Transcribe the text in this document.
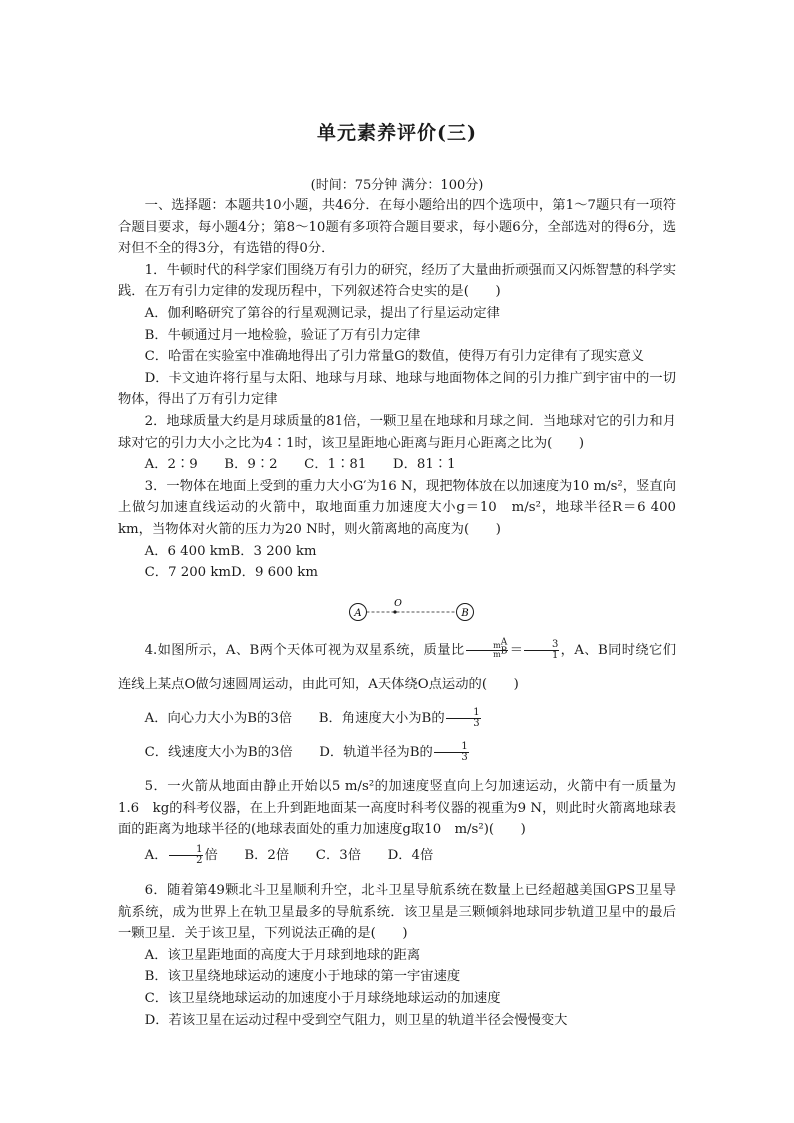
单元素养评价(三)
(时间：75分钟 满分：100分)

一、选择题：本题共10小题，共46分．在每小题给出的四个选项中，第1～7题只有一项符合题目要求，每小题4分；第8～10题有多项符合题目要求，每小题6分，全部选对的得6分，选对但不全的得3分，有选错的得0分．

1．牛顿时代的科学家们围绕万有引力的研究，经历了大量曲折顽强而又闪烁智慧的科学实践．在万有引力定律的发现历程中，下列叙述符合史实的是(　　)

A．伽利略研究了第谷的行星观测记录，提出了行星运动定律

B．牛顿通过月一地检验，验证了万有引力定律

C．哈雷在实验室中准确地得出了引力常量G的数值，使得万有引力定律有了现实意义

D．卡文迪许将行星与太阳、地球与月球、地球与地面物体之间的引力推广到宇宙中的一切物体，得出了万有引力定律

2．地球质量大约是月球质量的81倍，一颗卫星在地球和月球之间．当地球对它的引力和月球对它的引力大小之比为4∶1时，该卫星距地心距离与距月心距离之比为(　　)

A．2∶9　　B．9∶2　　C．1∶81　　D．81∶1

3．一物体在地面上受到的重力大小G′为16 N，现把物体放在以加速度为10 m/s²，竖直向上做匀加速直线运动的火箭中，取地面重力加速度大小g＝10　m/s²，地球半径R＝6 400 km，当物体对火箭的压力为20 N时，则火箭离地的高度为(　　)

A．6 400 kmB．3 200 km

C．7 200 kmD．9 600 km

A
O
B

4.如图所示，A、B两个天体可视为双星系统，质量比 $\frac{m^A}{m^B} = \frac{3}{1}$ ，A、B同时绕它们连线上某点O做匀速圆周运动，由此可知，A天体绕O点运动的(　　)

A．向心力大小为B的3倍　　 B．角速度大小为B的 $\frac{1}{3}$

C．线速度大小为B的3倍　　 D．轨道半径为B的 $\frac{1}{3}$

5．一火箭从地面由静止开始以5 m/s²的加速度竖直向上匀加速运动，火箭中有一质量为1.6　kg的科考仪器，在上升到距地面某一高度时科考仪器的视重为9 N，则此时火箭离地球表面的距离为地球半径的(地球表面处的重力加速度g取10　m/s²)(　　)

A． $\frac{1}{2}$ 倍　　 B．2倍　　C．3倍　　D．4倍

6．随着第49颗北斗卫星顺利升空，北斗卫星导航系统在数量上已经超越美国GPS卫星导航系统，成为世界上在轨卫星最多的导航系统．该卫星是三颗倾斜地球同步轨道卫星中的最后一颗卫星．关于该卫星，下列说法正确的是(　　)

A．该卫星距地面的高度大于月球到地球的距离

B．该卫星绕地球运动的速度小于地球的第一宇宙速度

C．该卫星绕地球运动的加速度小于月球绕地球运动的加速度

D．若该卫星在运动过程中受到空气阻力，则卫星的轨道半径会慢慢变大
